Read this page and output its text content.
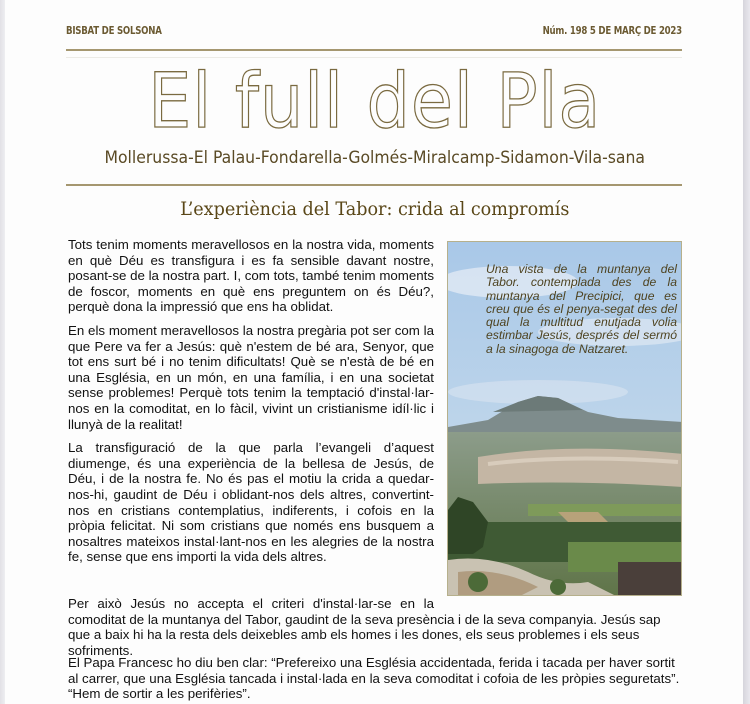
BISBAT DE SOLSONA	Núm. 198 5 DE MARÇ DE 2023
El full del Pla
Mollerussa-El Palau-Fondarella-Golmés-Miralcamp-Sidamon-Vila-sana
L’experiència del Tabor: crida al compromís

Tots tenim moments meravellosos en la nostra vida, moments en què Déu es transfigura i es fa sensible davant nostre, posant-se de la nostra part. I, com tots, també tenim moments de foscor, moments en què ens preguntem on és Déu?, perquè dona la impressió que ens ha oblidat.

En els moment meravellosos la nostra pregària pot ser com la que Pere va fer a Jesús: què n'estem de bé ara, Senyor, que tot ens surt bé i no tenim dificultats! Què se n'està de bé en una Església, en un món, en una família, i en una societat sense problemes! Perquè tots tenim la temptació d'instal·lar-nos en la comoditat, en lo fàcil, vivint un cristianisme idíl·lic i llunyà de la realitat!

La transfiguració de la que parla l’evangeli d’aquest diumenge, és una experiència de la bellesa de Jesús, de Déu, i de la nostra fe. No és pas el motiu la crida a quedar-nos-hi, gaudint de Déu i oblidant-nos dels altres, convertint-nos en cristians contemplatius, indiferents, i cofois en la pròpia felicitat. Ni som cristians que només ens busquem a nosaltres mateixos instal·lant-nos en les alegries de la nostra fe, sense que ens importi la vida dels altres.

Per això Jesús no accepta el criteri d'instal·lar-se en la

comoditat de la muntanya del Tabor, gaudint de la seva presència i de la seva companyia. Jesús sap que a baix hi ha la resta dels deixebles amb els homes i les dones, els seus problemes i els seus sofriments.

El Papa Francesc ho diu ben clar: “Prefereixo una Església accidentada, ferida i tacada per haver sortit al carrer, que una Església tancada i instal·lada en la seva comoditat i cofoia de les pròpies seguretats”. “Hem de sortir a les perifèries”.

Una vista de la muntanya del Tabor. contemplada des de la muntanya del Precipici, que es creu que és el penya-segat des del qual la multitud enutjada volia estimbar Jesús, després del sermó a la sinagoga de Natzaret.
